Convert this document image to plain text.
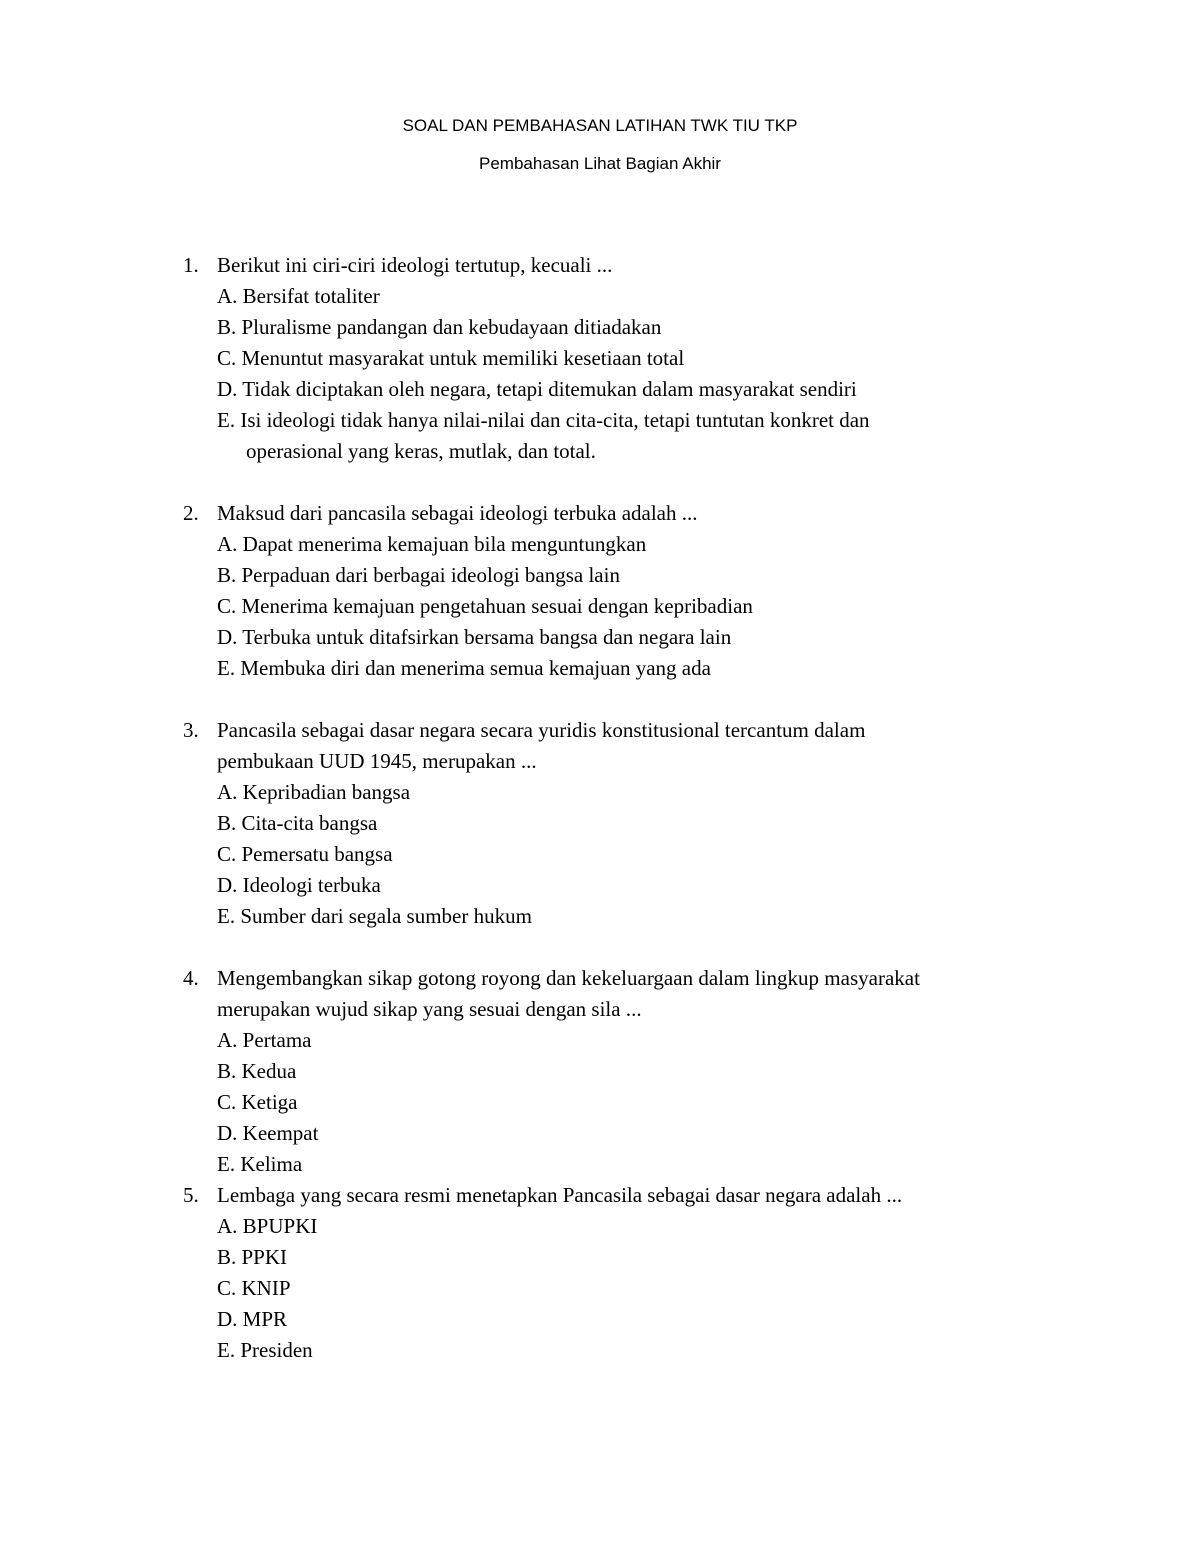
SOAL DAN PEMBAHASAN LATIHAN TWK TIU TKP
Pembahasan Lihat Bagian Akhir
1. Berikut ini ciri-ciri ideologi tertutup, kecuali ...
A. Bersifat totaliter
B. Pluralisme pandangan dan kebudayaan ditiadakan
C. Menuntut masyarakat untuk memiliki kesetiaan total
D. Tidak diciptakan oleh negara, tetapi ditemukan dalam masyarakat sendiri
E. Isi ideologi tidak hanya nilai-nilai dan cita-cita, tetapi tuntutan konkret dan
operasional yang keras, mutlak, dan total.
2. Maksud dari pancasila sebagai ideologi terbuka adalah ...
A. Dapat menerima kemajuan bila menguntungkan
B. Perpaduan dari berbagai ideologi bangsa lain
C. Menerima kemajuan pengetahuan sesuai dengan kepribadian
D. Terbuka untuk ditafsirkan bersama bangsa dan negara lain
E. Membuka diri dan menerima semua kemajuan yang ada
3. Pancasila sebagai dasar negara secara yuridis konstitusional tercantum dalam
pembukaan UUD 1945, merupakan ...
A. Kepribadian bangsa
B. Cita-cita bangsa
C. Pemersatu bangsa
D. Ideologi terbuka
E. Sumber dari segala sumber hukum
4. Mengembangkan sikap gotong royong dan kekeluargaan dalam lingkup masyarakat
merupakan wujud sikap yang sesuai dengan sila ...
A. Pertama
B. Kedua
C. Ketiga
D. Keempat
E. Kelima
5. Lembaga yang secara resmi menetapkan Pancasila sebagai dasar negara adalah ...
A. BPUPKI
B. PPKI
C. KNIP
D. MPR
E. Presiden
